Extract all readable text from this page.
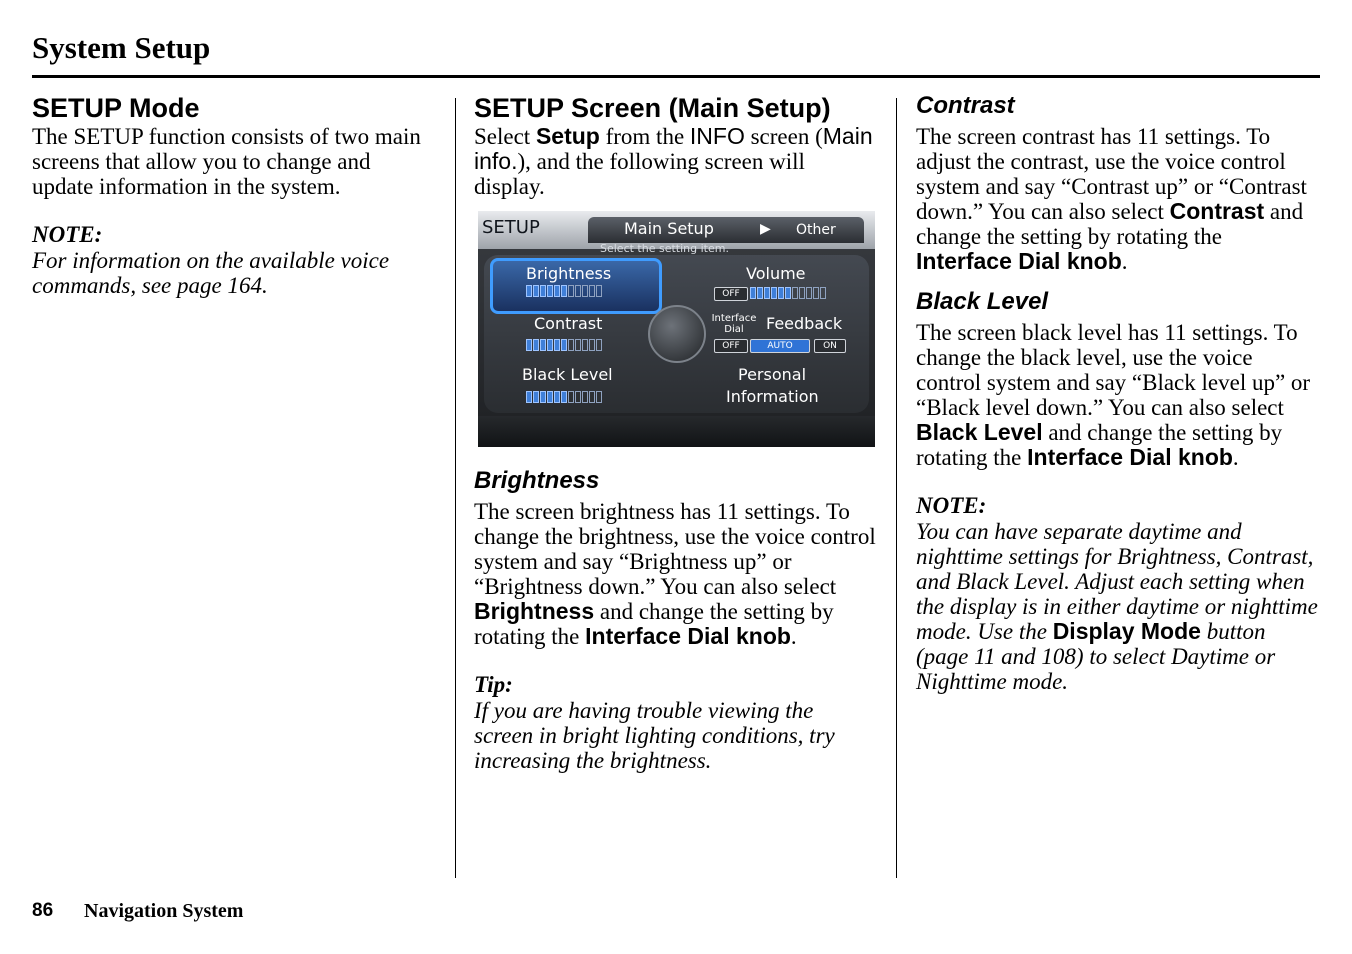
System Setup
SETUP Mode

The SETUP function consists of two main screens that allow you to change and update information in the system.

NOTE:
For information on the available voice commands, see page 164.
SETUP Screen (Main Setup)

Select Setup from the INFO screen (Main info.), and the following screen will display.

SETUP	Main Setup	▶ Other
Select the setting item.
Brightness	Volume
OFF
Contrast	Interface Dial	Feedback
OFF	AUTO	ON
Black Level	Personal
Information
Brightness

The screen brightness has 11 settings. To change the brightness, use the voice control system and say “Brightness up” or “Brightness down.” You can also select Brightness and change the setting by rotating the Interface Dial knob.

Tip:
If you are having trouble viewing the screen in bright lighting conditions, try increasing the brightness.
Contrast

The screen contrast has 11 settings. To adjust the contrast, use the voice control system and say “Contrast up” or “Contrast down.” You can also select Contrast and change the setting by rotating the Interface Dial knob.

Black Level

The screen black level has 11 settings. To change the black level, use the voice control system and say “Black level up” or “Black level down.” You can also select Black Level and change the setting by rotating the Interface Dial knob.

NOTE:
You can have separate daytime and nighttime settings for Brightness, Contrast, and Black Level. Adjust each setting when the display is in either daytime or nighttime mode. Use the Display Mode button (page 11 and 108) to select Daytime or Nighttime mode.
86 Navigation System
